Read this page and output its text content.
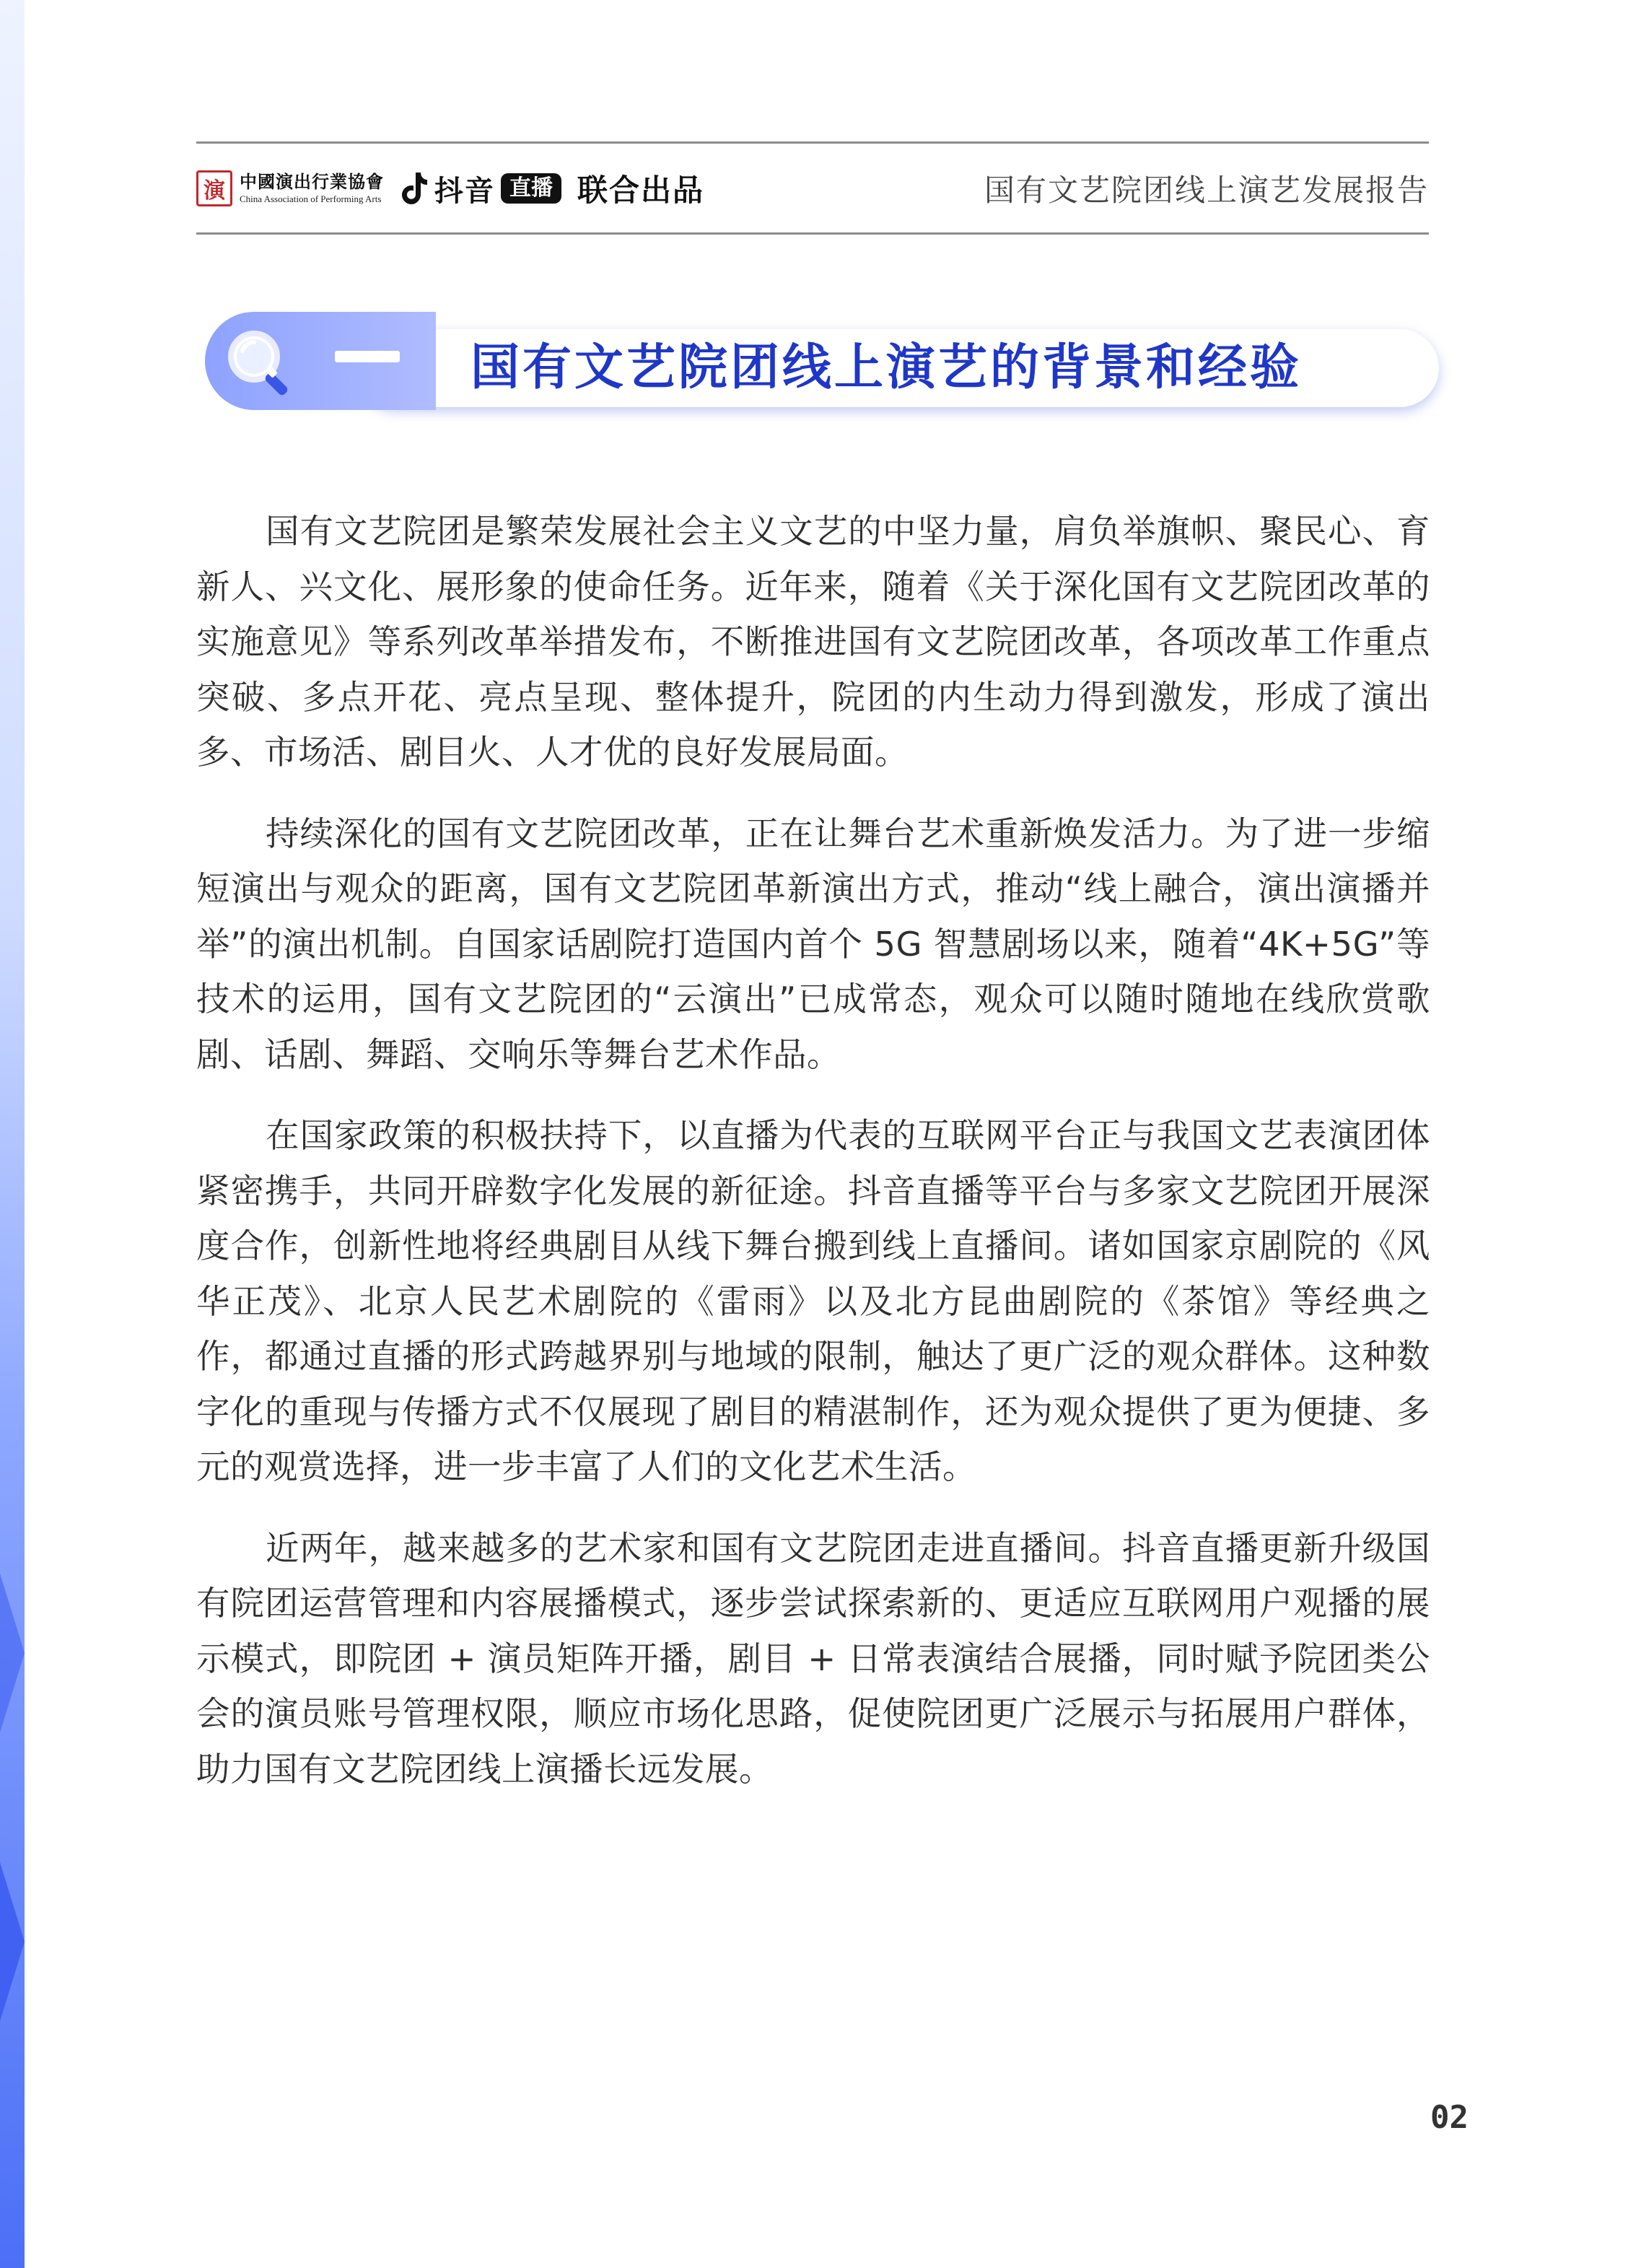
演 中國演出行業協會
China Association of Performing Arts 抖音 直播 联合出品	国有文艺院团线上演艺发展报告
国有文艺院团线上演艺的背景和经验

国有文艺院团是繁荣发展社会主义文艺的中坚力量，肩负举旗帜、聚民心、育新人、兴文化、展形象的使命任务。近年来，随着《关于深化国有文艺院团改革的实施意见》等系列改革举措发布，不断推进国有文艺院团改革，各项改革工作重点突破、多点开花、亮点呈现、整体提升，院团的内生动力得到激发，形成了演出多、市场活、剧目火、人才优的良好发展局面。

持续深化的国有文艺院团改革，正在让舞台艺术重新焕发活力。为了进一步缩短演出与观众的距离，国有文艺院团革新演出方式，推动“线上融合，演出演播并举”的演出机制。自国家话剧院打造国内首个 5G 智慧剧场以来，随着“4K+5G”等技术的运用，国有文艺院团的“云演出”已成常态，观众可以随时随地在线欣赏歌剧、话剧、舞蹈、交响乐等舞台艺术作品。

在国家政策的积极扶持下，以直播为代表的互联网平台正与我国文艺表演团体紧密携手，共同开辟数字化发展的新征途。抖音直播等平台与多家文艺院团开展深度合作，创新性地将经典剧目从线下舞台搬到线上直播间。诸如国家京剧院的《风华正茂》、北京人民艺术剧院的《雷雨》以及北方昆曲剧院的《茶馆》等经典之作，都通过直播的形式跨越界别与地域的限制，触达了更广泛的观众群体。这种数字化的重现与传播方式不仅展现了剧目的精湛制作，还为观众提供了更为便捷、多元的观赏选择，进一步丰富了人们的文化艺术生活。

近两年，越来越多的艺术家和国有文艺院团走进直播间。抖音直播更新升级国有院团运营管理和内容展播模式，逐步尝试探索新的、更适应互联网用户观播的展示模式，即院团 + 演员矩阵开播，剧目 + 日常表演结合展播，同时赋予院团类公会的演员账号管理权限，顺应市场化思路，促使院团更广泛展示与拓展用户群体，助力国有文艺院团线上演播长远发展。

02
